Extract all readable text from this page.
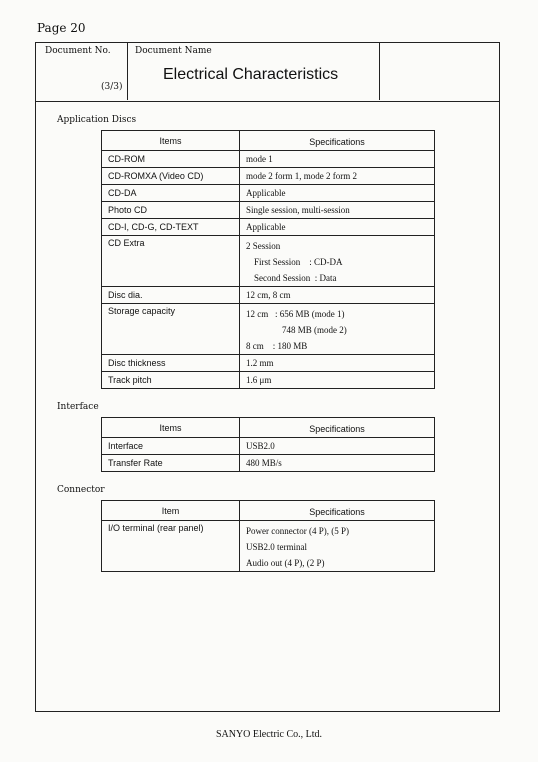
Page 20
Document No.
(3/3)
Document Name
Electrical Characteristics
Application Discs
Items	Specifications
CD-ROM	mode 1
CD-ROMXA (Video CD)	mode 2 form 1, mode 2 form 2
CD-DA	Applicable
Photo CD	Single session, multi-session
CD-I, CD-G, CD-TEXT	Applicable
CD Extra	2 Session
First Session    : CD-DA
Second Session  : Data

Disc dia.	12 cm, 8 cm
Storage capacity	12 cm   : 656 MB (mode 1)
748 MB (mode 2)
8 cm    : 180 MB

Disc thickness	1.2 mm
Track pitch	1.6 μm
Interface
Items	Specifications
Interface	USB2.0
Transfer Rate	480 MB/s
Connector
Item	Specifications
I/O terminal (rear panel)	Power connector (4 P), (5 P)
USB2.0 terminal
Audio out (4 P), (2 P)
SANYO Electric Co., Ltd.
